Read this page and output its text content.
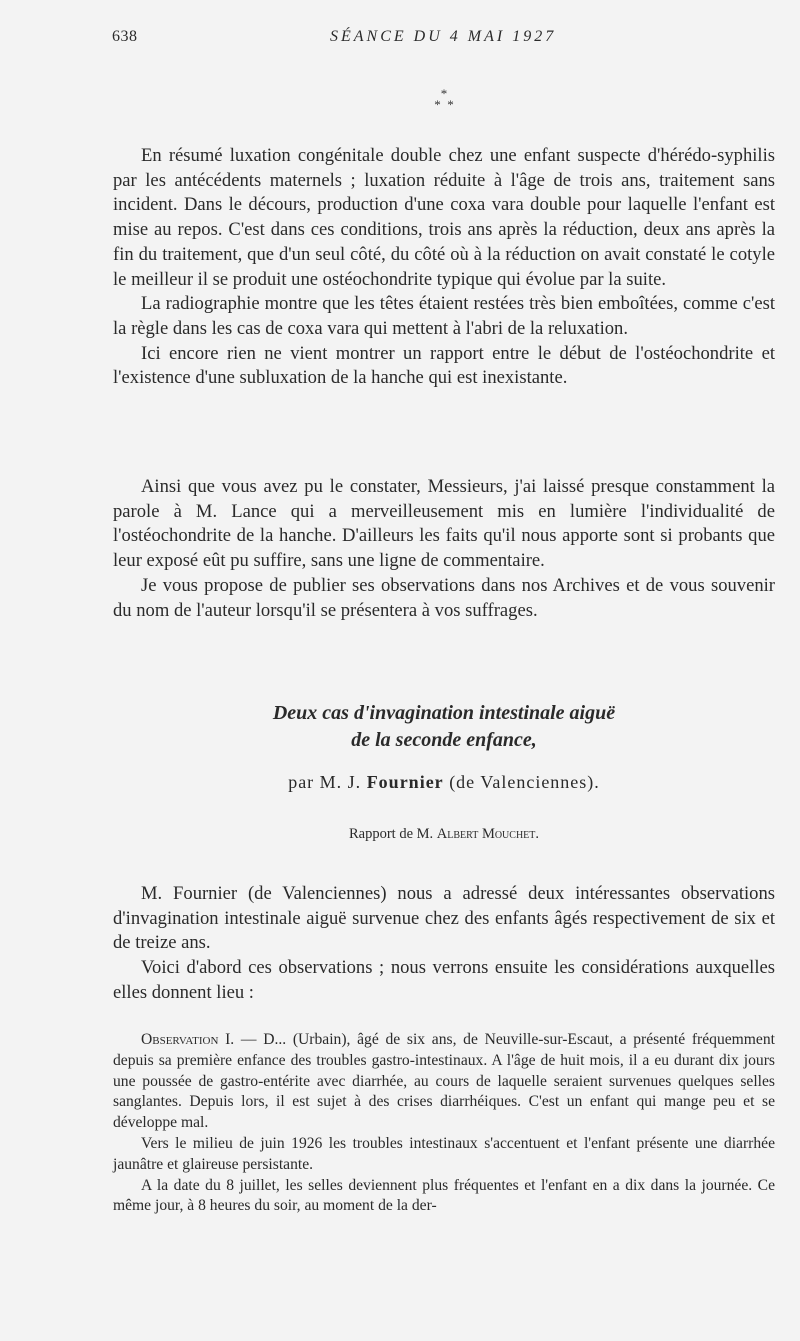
638	SÉANCE DU 4 MAI 1927
*
*  *

En résumé luxation congénitale double chez une enfant suspecte d'hérédo-syphilis par les antécédents maternels ; luxation réduite à l'âge de trois ans, traitement sans incident. Dans le décours, production d'une coxa vara double pour laquelle l'enfant est mise au repos. C'est dans ces conditions, trois ans après la réduction, deux ans après la fin du traitement, que d'un seul côté, du côté où à la réduction on avait constaté le cotyle le meilleur il se produit une ostéochondrite typique qui évolue par la suite.

La radiographie montre que les têtes étaient restées très bien emboîtées, comme c'est la règle dans les cas de coxa vara qui mettent à l'abri de la reluxation.

Ici encore rien ne vient montrer un rapport entre le début de l'ostéochondrite et l'existence d'une subluxation de la hanche qui est inexistante.

Ainsi que vous avez pu le constater, Messieurs, j'ai laissé presque constamment la parole à M. Lance qui a merveilleusement mis en lumière l'individualité de l'ostéochondrite de la hanche. D'ailleurs les faits qu'il nous apporte sont si probants que leur exposé eût pu suffire, sans une ligne de commentaire.

Je vous propose de publier ses observations dans nos Archives et de vous souvenir du nom de l'auteur lorsqu'il se présentera à vos suffrages.

Deux cas d'invagination intestinale aiguë
de la seconde enfance,
par M. J. Fournier (de Valenciennes).
Rapport de M. Albert Mouchet.

M. Fournier (de Valenciennes) nous a adressé deux intéressantes observations d'invagination intestinale aiguë survenue chez des enfants âgés respectivement de six et de treize ans.

Voici d'abord ces observations ; nous verrons ensuite les considérations auxquelles elles donnent lieu :

Observation I. — D... (Urbain), âgé de six ans, de Neuville-sur-Escaut, a présenté fréquemment depuis sa première enfance des troubles gastro-intestinaux. A l'âge de huit mois, il a eu durant dix jours une poussée de gastro-entérite avec diarrhée, au cours de laquelle seraient survenues quelques selles sanglantes. Depuis lors, il est sujet à des crises diarrhéiques. C'est un enfant qui mange peu et se développe mal.

Vers le milieu de juin 1926 les troubles intestinaux s'accentuent et l'enfant présente une diarrhée jaunâtre et glaireuse persistante.

A la date du 8 juillet, les selles deviennent plus fréquentes et l'enfant en a dix dans la journée. Ce même jour, à 8 heures du soir, au moment de la der-
